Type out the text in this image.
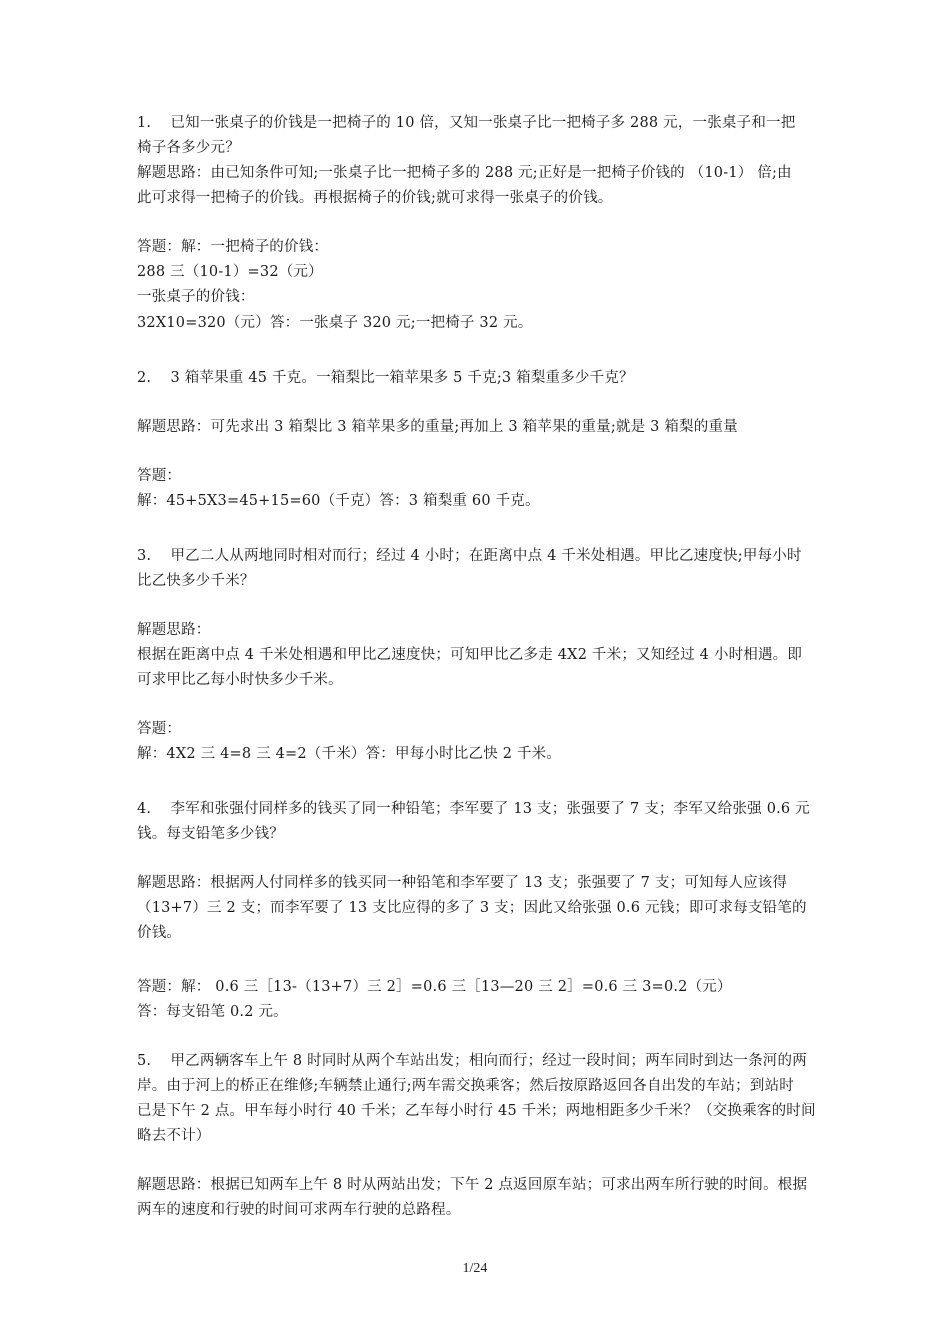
1.    已知一张桌子的价钱是一把椅子的 10 倍，又知一张桌子比一把椅子多 288 元，一张桌子和一把
椅子各多少元？
解题思路：由已知条件可知;一张桌子比一把椅子多的 288 元;正好是一把椅子价钱的 （10-1） 倍;由
此可求得一把椅子的价钱。再根据椅子的价钱;就可求得一张桌子的价钱。
答题：解：一把椅子的价钱：
288 三（10-1）=32（元）
一张桌子的价钱：
32X10=320（元）答：一张桌子 320 元;一把椅子 32 元。
2.    3 箱苹果重 45 千克。一箱梨比一箱苹果多 5 千克;3 箱梨重多少千克？
解题思路：可先求出 3 箱梨比 3 箱苹果多的重量;再加上 3 箱苹果的重量;就是 3 箱梨的重量
答题：
解：45+5X3=45+15=60（千克）答：3 箱梨重 60 千克。
3.    甲乙二人从两地同时相对而行；经过 4 小时；在距离中点 4 千米处相遇。甲比乙速度快;甲每小时
比乙快多少千米？
解题思路：
根据在距离中点 4 千米处相遇和甲比乙速度快；可知甲比乙多走 4X2 千米；又知经过 4 小时相遇。即
可求甲比乙每小时快多少千米。
答题：
解：4X2 三 4=8 三 4=2（千米）答：甲每小时比乙快 2 千米。
4.    李军和张强付同样多的钱买了同一种铅笔；李军要了 13 支；张强要了 7 支；李军又给张强 0.6 元
钱。每支铅笔多少钱？
解题思路：根据两人付同样多的钱买同一种铅笔和李军要了 13 支；张强要了 7 支；可知每人应该得
（13+7）三 2 支；而李军要了 13 支比应得的多了 3 支；因此又给张强 0.6 元钱；即可求每支铅笔的
价钱。
答题：解： 0.6 三［13-（13+7）三 2］=0.6 三［13—20 三 2］=0.6 三 3=0.2（元）
答：每支铅笔 0.2 元。
5.    甲乙两辆客车上午 8 时同时从两个车站出发；相向而行；经过一段时间；两车同时到达一条河的两
岸。由于河上的桥正在维修;车辆禁止通行;两车需交换乘客；然后按原路返回各自出发的车站；到站时
已是下午 2 点。甲车每小时行 40 千米；乙车每小时行 45 千米；两地相距多少千米？（交换乘客的时间
略去不计）
解题思路：根据已知两车上午 8 时从两站出发；下午 2 点返回原车站；可求出两车所行驶的时间。根据
两车的速度和行驶的时间可求两车行驶的总路程。
1/24
